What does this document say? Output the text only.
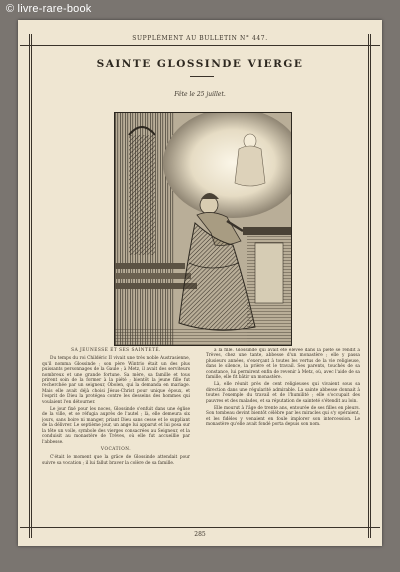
© livre-rare-book
SUPPLÉMENT AU BULLETIN N° 447.
SAINTE GLOSSINDE VIERGE
Fête le 25 juillet.
SA JEUNESSE ET SES SAINTETÉ.

Du temps du roi Childéric II vivait une très noble Austrasienne, qu'il nomma Glossinde ; son père Wintrio était un des plus puissants personnages de la Gaule ; à Metz, il avait des serviteurs nombreux et une grande fortune. Sa mère, sa famille et tous prirent soin de la former à la piété ; bientôt la jeune fille fut recherchée par un seigneur, Obolen, qui la demanda en mariage. Mais elle avait déjà choisi Jésus-Christ pour unique époux, et l'esprit de Dieu la protégea contre les desseins des hommes qui voulaient l'en détourner.

Le jour fixé pour les noces, Glossinde s'enfuit dans une église de la ville, et se réfugia auprès de l'autel ; là, elle demeura six jours, sans boire ni manger, priant Dieu sans cesse et le suppliant de la délivrer. Le septième jour, un ange lui apparut et lui posa sur la tête un voile, symbole des vierges consacrées au Seigneur, et la conduisit au monastère de Trèves, où elle fut accueillie par l'abbesse.

VOCATION.

C'était le moment que la grâce de Glossinde attendait pour suivre sa vocation ; il lui fallut braver la colère de sa famille.

à la fille. Glossinde qui avait été élevée dans la piété se rendit à Trèves, chez une tante, abbesse d'un monastère ; elle y passa plusieurs années, s'exerçant à toutes les vertus de la vie religieuse, dans le silence, la prière et le travail. Ses parents, touchés de sa constance, lui permirent enfin de revenir à Metz, où, avec l'aide de sa famille, elle fit bâtir un monastère.

Là, elle réunit près de cent religieuses qui vivaient sous sa direction dans une régularité admirable. La sainte abbesse donnait à toutes l'exemple du travail et de l'humilité ; elle s'occupait des pauvres et des malades, et sa réputation de sainteté s'étendit au loin.

Elle mourut à l'âge de trente ans, entourée de ses filles en pleurs. Son tombeau devint bientôt célèbre par les miracles qui s'y opéraient, et les fidèles y venaient en foule implorer son intercession. Le monastère qu'elle avait fondé porta depuis son nom.

285
